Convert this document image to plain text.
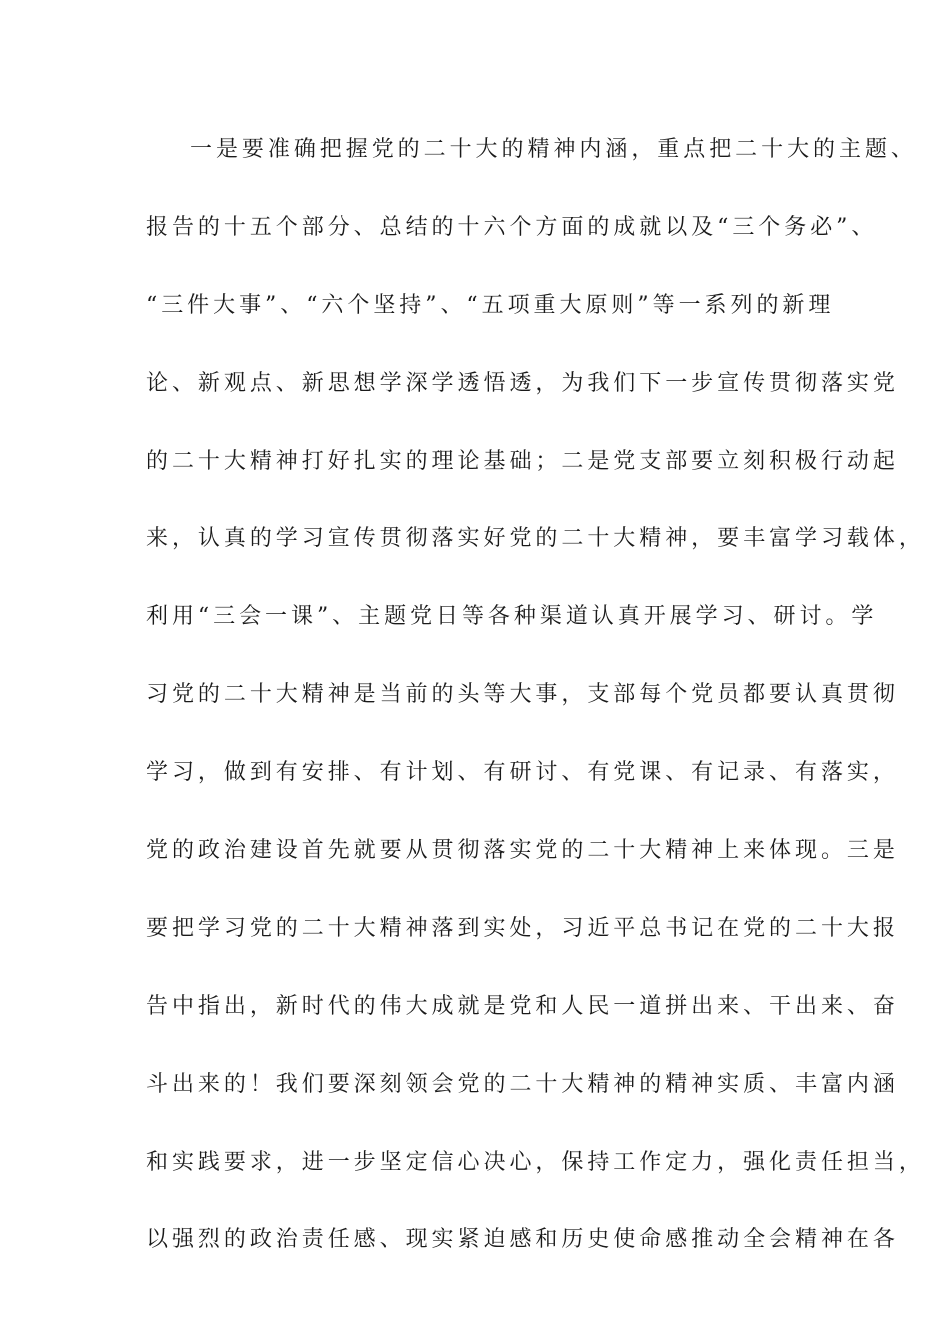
一是要准确把握党的二十大的精神内涵，重点把二十大的主题、
报告的十五个部分、总结的十六个方面的成就以及“三个务必”、
“三件大事”、“六个坚持”、“五项重大原则”等一系列的新理
论、新观点、新思想学深学透悟透，为我们下一步宣传贯彻落实党
的二十大精神打好扎实的理论基础；二是党支部要立刻积极行动起
来，认真的学习宣传贯彻落实好党的二十大精神，要丰富学习载体，
利用“三会一课”、主题党日等各种渠道认真开展学习、研讨。学
习党的二十大精神是当前的头等大事，支部每个党员都要认真贯彻
学习，做到有安排、有计划、有研讨、有党课、有记录、有落实，
党的政治建设首先就要从贯彻落实党的二十大精神上来体现。三是
要把学习党的二十大精神落到实处，习近平总书记在党的二十大报
告中指出，新时代的伟大成就是党和人民一道拼出来、干出来、奋
斗出来的！我们要深刻领会党的二十大精神的精神实质、丰富内涵
和实践要求，进一步坚定信心决心，保持工作定力，强化责任担当，
以强烈的政治责任感、现实紧迫感和历史使命感推动全会精神在各
